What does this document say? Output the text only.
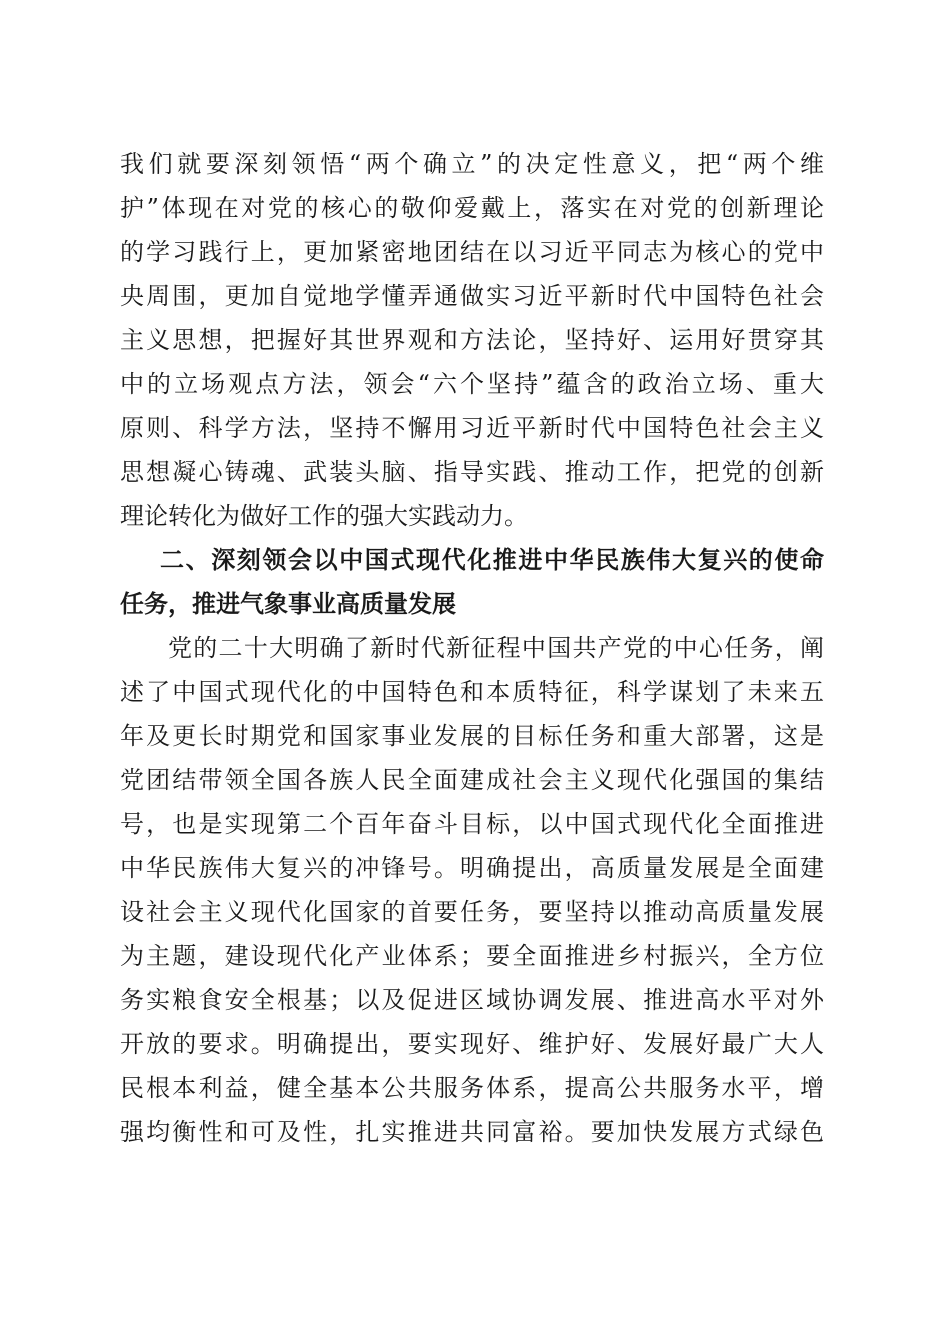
我们就要深刻领悟“两个确立”的决定性意义，把“两个维
护”体现在对党的核心的敬仰爱戴上，落实在对党的创新理论
的学习践行上，更加紧密地团结在以习近平同志为核心的党中
央周围，更加自觉地学懂弄通做实习近平新时代中国特色社会
主义思想，把握好其世界观和方法论，坚持好、运用好贯穿其
中的立场观点方法，领会“六个坚持”蕴含的政治立场、重大
原则、科学方法，坚持不懈用习近平新时代中国特色社会主义
思想凝心铸魂、武装头脑、指导实践、推动工作，把党的创新
理论转化为做好工作的强大实践动力。
二、深刻领会以中国式现代化推进中华民族伟大复兴的使命
任务，推进气象事业高质量发展
党的二十大明确了新时代新征程中国共产党的中心任务，阐
述了中国式现代化的中国特色和本质特征，科学谋划了未来五
年及更长时期党和国家事业发展的目标任务和重大部署，这是
党团结带领全国各族人民全面建成社会主义现代化强国的集结
号，也是实现第二个百年奋斗目标，以中国式现代化全面推进
中华民族伟大复兴的冲锋号。明确提出，高质量发展是全面建
设社会主义现代化国家的首要任务，要坚持以推动高质量发展
为主题，建设现代化产业体系；要全面推进乡村振兴，全方位
务实粮食安全根基；以及促进区域协调发展、推进高水平对外
开放的要求。明确提出，要实现好、维护好、发展好最广大人
民根本利益，健全基本公共服务体系，提高公共服务水平，增
强均衡性和可及性，扎实推进共同富裕。要加快发展方式绿色
